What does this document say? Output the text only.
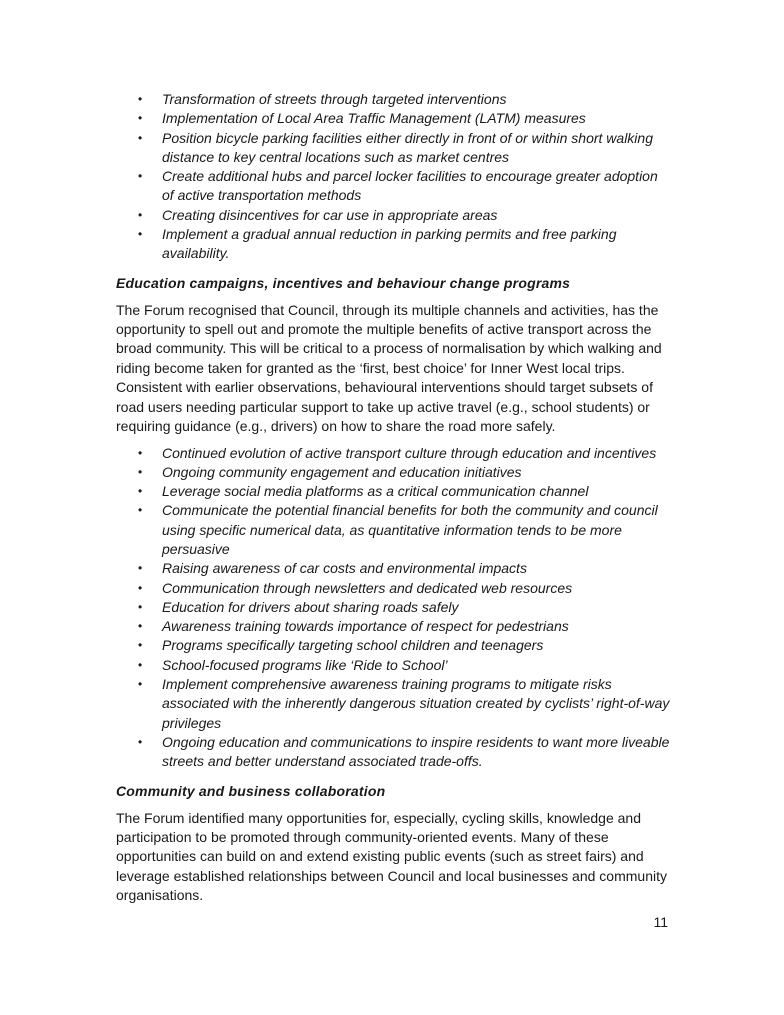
• Transformation of streets through targeted interventions
• Implementation of Local Area Traffic Management (LATM) measures
• Position bicycle parking facilities either directly in front of or within short walking distance to key central locations such as market centres
• Create additional hubs and parcel locker facilities to encourage greater adoption of active transportation methods
• Creating disincentives for car use in appropriate areas
• Implement a gradual annual reduction in parking permits and free parking availability.
Education campaigns, incentives and behaviour change programs

The Forum recognised that Council, through its multiple channels and activities, has the opportunity to spell out and promote the multiple benefits of active transport across the broad community. This will be critical to a process of normalisation by which walking and riding become taken for granted as the ‘first, best choice’ for Inner West local trips. Consistent with earlier observations, behavioural interventions should target subsets of road users needing particular support to take up active travel (e.g., school students) or requiring guidance (e.g., drivers) on how to share the road more safely.

• Continued evolution of active transport culture through education and incentives
• Ongoing community engagement and education initiatives
• Leverage social media platforms as a critical communication channel
• Communicate the potential financial benefits for both the community and council using specific numerical data, as quantitative information tends to be more persuasive
• Raising awareness of car costs and environmental impacts
• Communication through newsletters and dedicated web resources
• Education for drivers about sharing roads safely
• Awareness training towards importance of respect for pedestrians
• Programs specifically targeting school children and teenagers
• School-focused programs like ‘Ride to School’
• Implement comprehensive awareness training programs to mitigate risks associated with the inherently dangerous situation created by cyclists’ right-of-way privileges
• Ongoing education and communications to inspire residents to want more liveable streets and better understand associated trade-offs.
Community and business collaboration

The Forum identified many opportunities for, especially, cycling skills, knowledge and participation to be promoted through community-oriented events. Many of these opportunities can build on and extend existing public events (such as street fairs) and leverage established relationships between Council and local businesses and community organisations.

11
